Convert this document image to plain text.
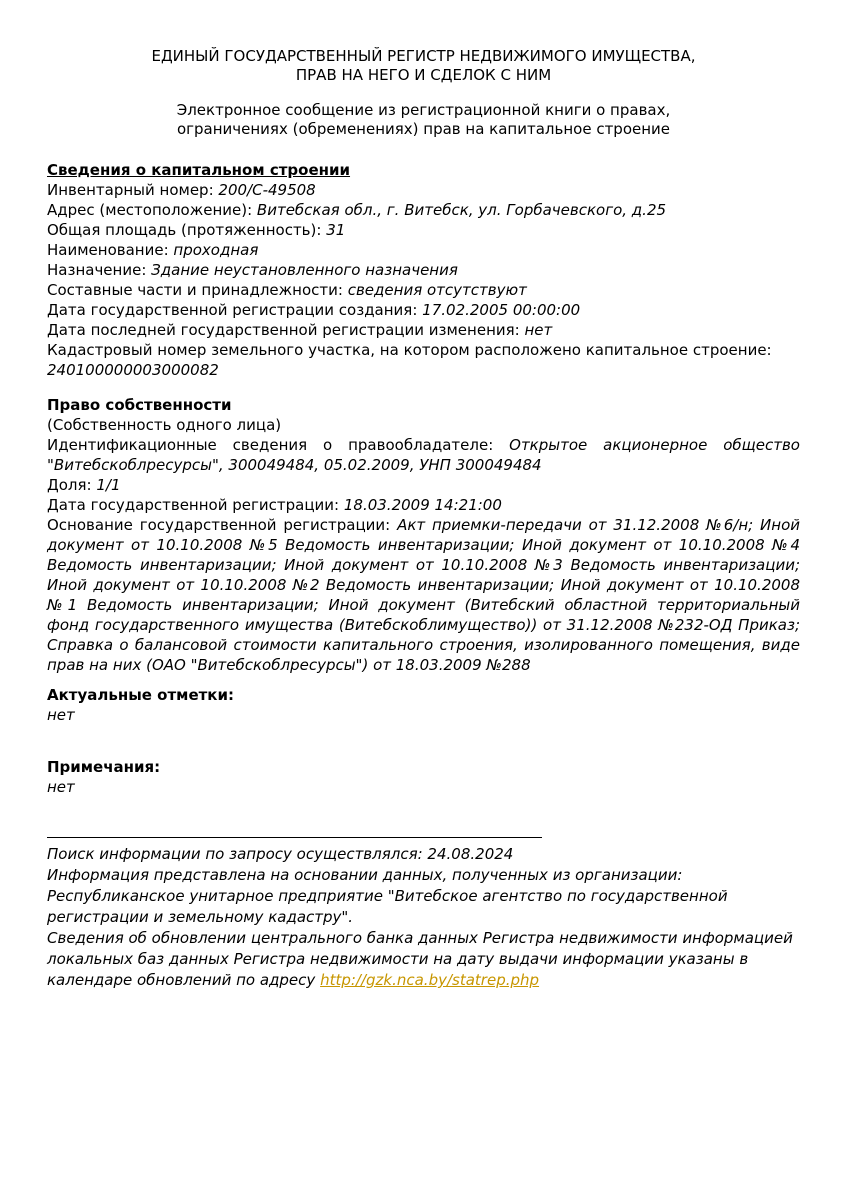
ЕДИНЫЙ ГОСУДАРСТВЕННЫЙ РЕГИСТР НЕДВИЖИМОГО ИМУЩЕСТВА,
ПРАВ НА НЕГО И СДЕЛОК С НИМ
Электронное сообщение из регистрационной книги о правах,
ограничениях (обременениях) прав на капитальное строение

Сведения о капитальном строении

Инвентарный номер: 200/С-49508

Адрес (местоположение): Витебская обл., г. Витебск, ул. Горбачевского, д.25

Общая площадь (протяженность): 31

Наименование: проходная

Назначение: Здание неустановленного назначения

Составные части и принадлежности: сведения отсутствуют

Дата государственной регистрации создания: 17.02.2005 00:00:00

Дата последней государственной регистрации изменения: нет

Кадастровый номер земельного участка, на котором расположено капитальное строение: 240100000003000082

Право собственности

(Собственность одного лица)

Идентификационные сведения о правообладателе: Открытое акционерное общество "Витебскоблресурсы", 300049484, 05.02.2009, УНП 300049484

Доля: 1/1

Дата государственной регистрации: 18.03.2009 14:21:00

Основание государственной регистрации: Акт приемки-передачи от 31.12.2008 №6/н; Иной документ от 10.10.2008 №5 Ведомость инвентаризации; Иной документ от 10.10.2008 №4 Ведомость инвентаризации; Иной документ от 10.10.2008 №3 Ведомость инвентаризации; Иной документ от 10.10.2008 №2 Ведомость инвентаризации; Иной документ от 10.10.2008 №1 Ведомость инвентаризации; Иной документ (Витебский областной территориальный фонд государственного имущества (Витебскоблимущество)) от 31.12.2008 №232-ОД Приказ; Справка о балансовой стоимости капитального строения, изолированного помещения, виде прав на них (ОАО "Витебскоблресурсы") от 18.03.2009 №288

Актуальные отметки:

нет

Примечания:

нет

Поиск информации по запросу осуществлялся: 24.08.2024

Информация представлена на основании данных, полученных из организации:

Республиканское унитарное предприятие "Витебское агентство по государственной регистрации и земельному кадастру".

Сведения об обновлении центрального банка данных Регистра недвижимости информацией локальных баз данных Регистра недвижимости на дату выдачи информации указаны в календаре обновлений по адресу http://gzk.nca.by/statrep.php
